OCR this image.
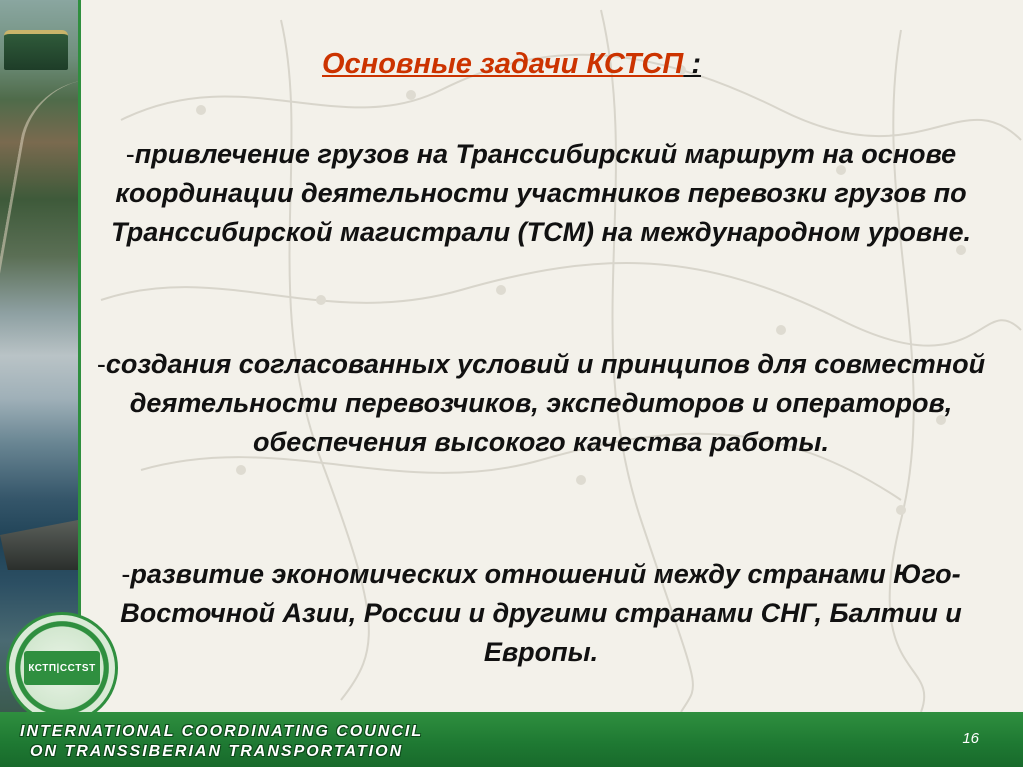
Основные задачи КСТСП :
-привлечение грузов на Транссибирский маршрут на основе координации деятельности участников перевозки грузов по Транссибирской магистрали (ТСМ) на международном уровне.
-создания согласованных условий и принципов для совместной деятельности перевозчиков, экспедиторов и операторов, обеспечения высокого качества работы.
-развитие экономических отношений между странами Юго-Восточной Азии, России и другими странами СНГ, Балтии и Европы.
КСТП|CCTST
INTERNATIONAL COORDINATING COUNCIL
ON TRANSSIBERIAN TRANSPORTATION
16
